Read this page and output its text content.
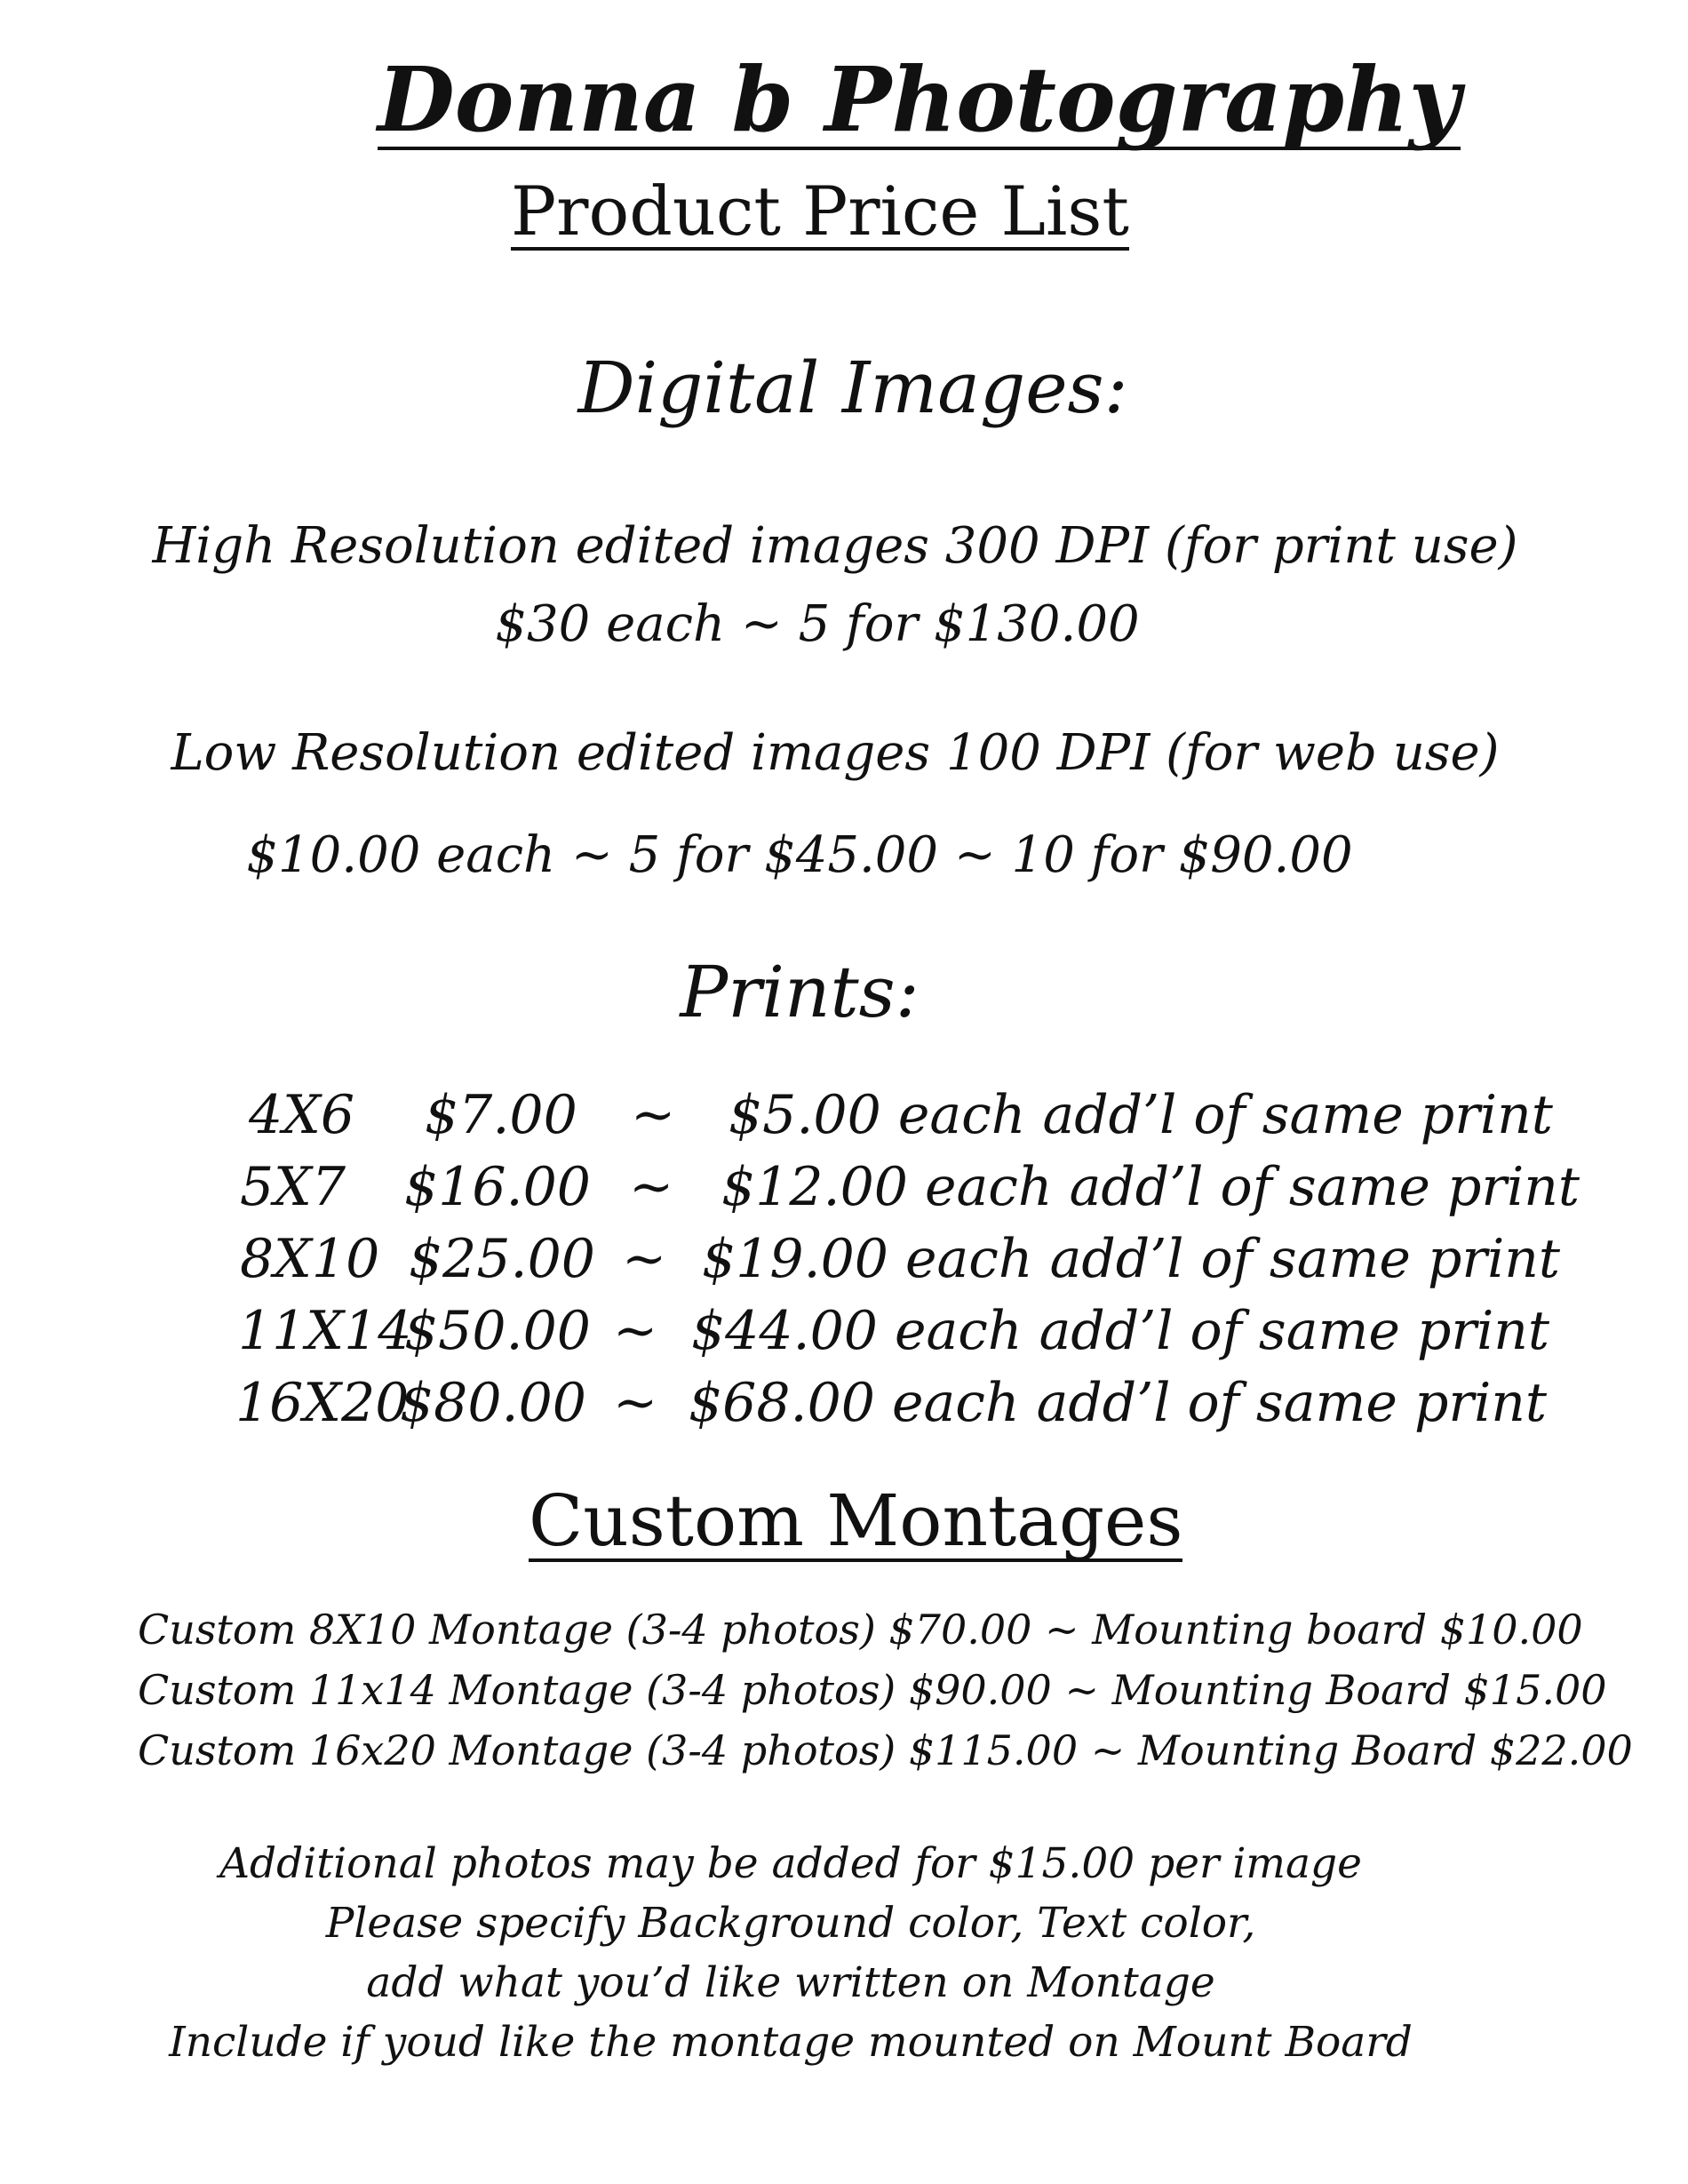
Donna b Photography
Product Price List
Digital Images:
High Resolution edited images 300 DPI (for print use)
$30 each ~ 5 for $130.00
Low Resolution edited images 100 DPI (for web use)
$10.00 each ~ 5 for $45.00 ~ 10 for $90.00
Prints:
4X6 $7.00 ~ $5.00 each add’l of same print
5X7 $16.00 ~ $12.00 each add’l of same print
8X10 $25.00 ~ $19.00 each add’l of same print
11X14
$50.00 ~ $44.00 each add’l of same print
16X20
$80.00 ~ $68.00 each add’l of same print
Custom Montages
Custom 8X10 Montage (3-4 photos) $70.00 ~ Mounting board $10.00
Custom 11x14 Montage (3-4 photos) $90.00 ~ Mounting Board $15.00
Custom 16x20 Montage (3-4 photos) $115.00 ~ Mounting Board $22.00
Additional photos may be added for $15.00 per image
Please specify Background color, Text color,
add what you’d like written on Montage
Include if youd like the montage mounted on Mount Board
